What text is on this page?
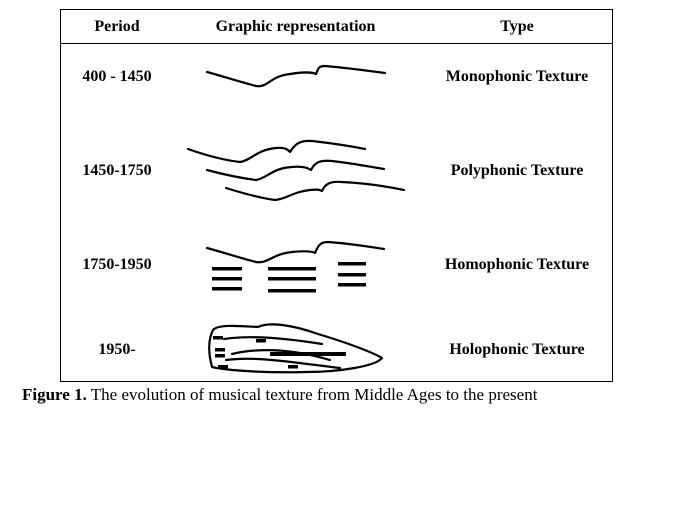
Period	Graphic representation	Type
400 - 1450	Monophonic Texture
1450-1750	Polyphonic Texture
1750-1950	Homophonic Texture
1950-	Holophonic Texture
Figure 1. The evolution of musical texture from Middle Ages to the present
